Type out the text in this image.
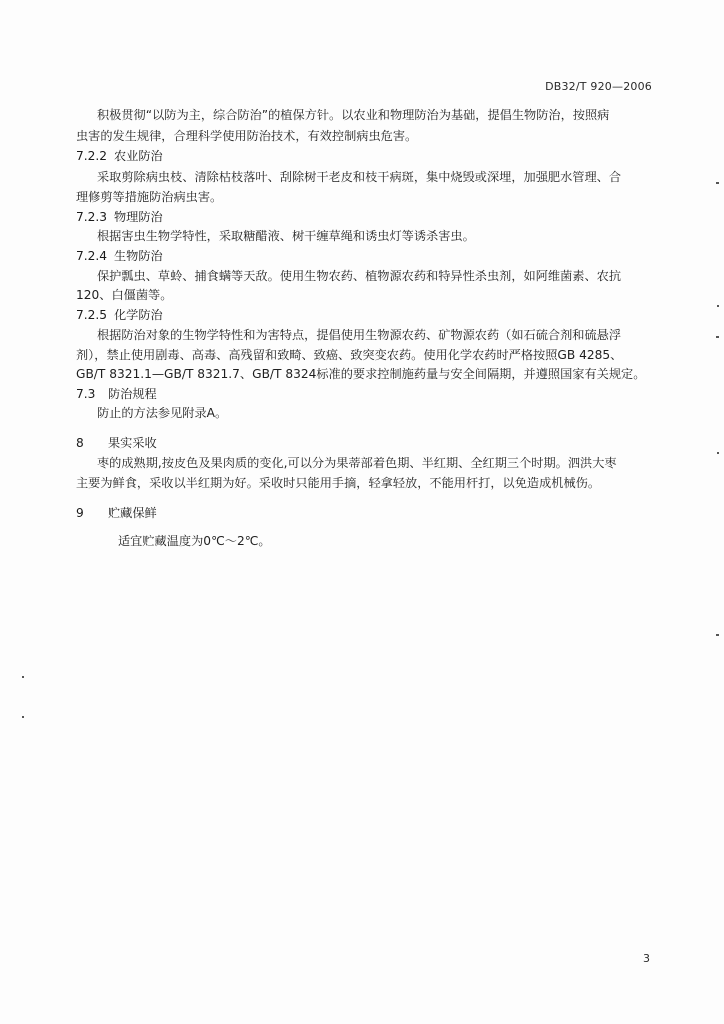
DB32/T 920—2006
积极贯彻“以防为主，综合防治”的植保方针。以农业和物理防治为基础，提倡生物防治，按照病
虫害的发生规律，合理科学使用防治技术，有效控制病虫危害。
7.2.2 农业防治
采取剪除病虫枝、清除枯枝落叶、刮除树干老皮和枝干病斑，集中烧毁或深埋，加强肥水管理、合
理修剪等措施防治病虫害。
7.2.3 物理防治
根据害虫生物学特性，采取糖醋液、树干缠草绳和诱虫灯等诱杀害虫。
7.2.4 生物防治
保护瓢虫、草蛉、捕食螨等天敌。使用生物农药、植物源农药和特异性杀虫剂，如阿维菌素、农抗
120、白僵菌等。
7.2.5 化学防治
根据防治对象的生物学特性和为害特点，提倡使用生物源农药、矿物源农药（如石硫合剂和硫悬浮
剂），禁止使用剧毒、高毒、高残留和致畸、致癌、致突变农药。使用化学农药时严格按照GB 4285、
GB/T 8321.1—GB/T 8321.7、GB/T 8324标准的要求控制施药量与安全间隔期，并遵照国家有关规定。
7.3 防治规程
防止的方法参见附录A。
8 果实采收
枣的成熟期,按皮色及果肉质的变化,可以分为果蒂部着色期、半红期、全红期三个时期。泗洪大枣
主要为鲜食，采收以半红期为好。采收时只能用手摘，轻拿轻放，不能用杆打，以免造成机械伤。
9 贮藏保鲜
适宜贮藏温度为0℃～2℃。
3
